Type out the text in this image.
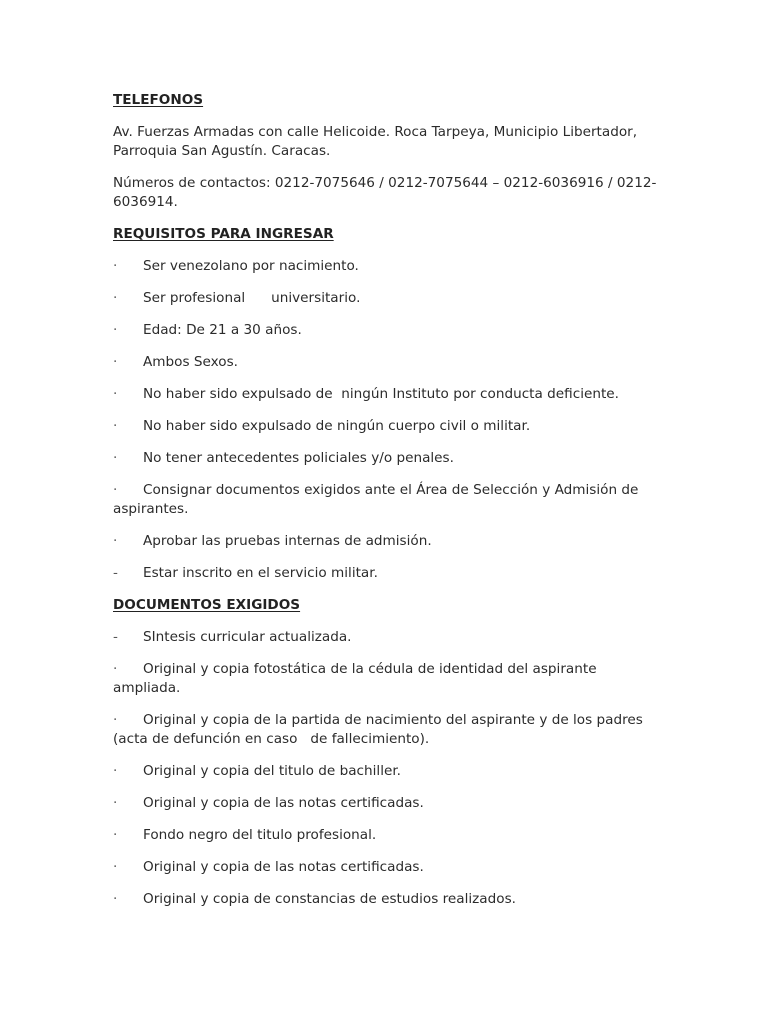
TELEFONOS
Av. Fuerzas Armadas con calle Helicoide. Roca Tarpeya, Municipio Libertador, Parroquia San Agustín. Caracas.
Números de contactos: 0212-7075646 / 0212-7075644 – 0212-6036916 / 0212-6036914.
REQUISITOS PARA INGRESAR
·	Ser venezolano por nacimiento.
·	Ser profesional      universitario.
·	Edad: De 21 a 30 años.
·	Ambos Sexos.
·	No haber sido expulsado de  ningún Instituto por conducta deficiente.
·	No haber sido expulsado de ningún cuerpo civil o militar.
·	No tener antecedentes policiales y/o penales.
·	Consignar documentos exigidos ante el Área de Selección y Admisión de aspirantes.
·	Aprobar las pruebas internas de admisión.
-	Estar inscrito en el servicio militar.
DOCUMENTOS EXIGIDOS
-	SIntesis curricular actualizada.
·	Original y copia fotostática de la cédula de identidad del aspirante ampliada.
·	Original y copia de la partida de nacimiento del aspirante y de los padres (acta de defunción en caso   de fallecimiento).
·	Original y copia del titulo de bachiller.
·	Original y copia de las notas certificadas.
·	Fondo negro del titulo profesional.
·	Original y copia de las notas certificadas.
·	Original y copia de constancias de estudios realizados.
